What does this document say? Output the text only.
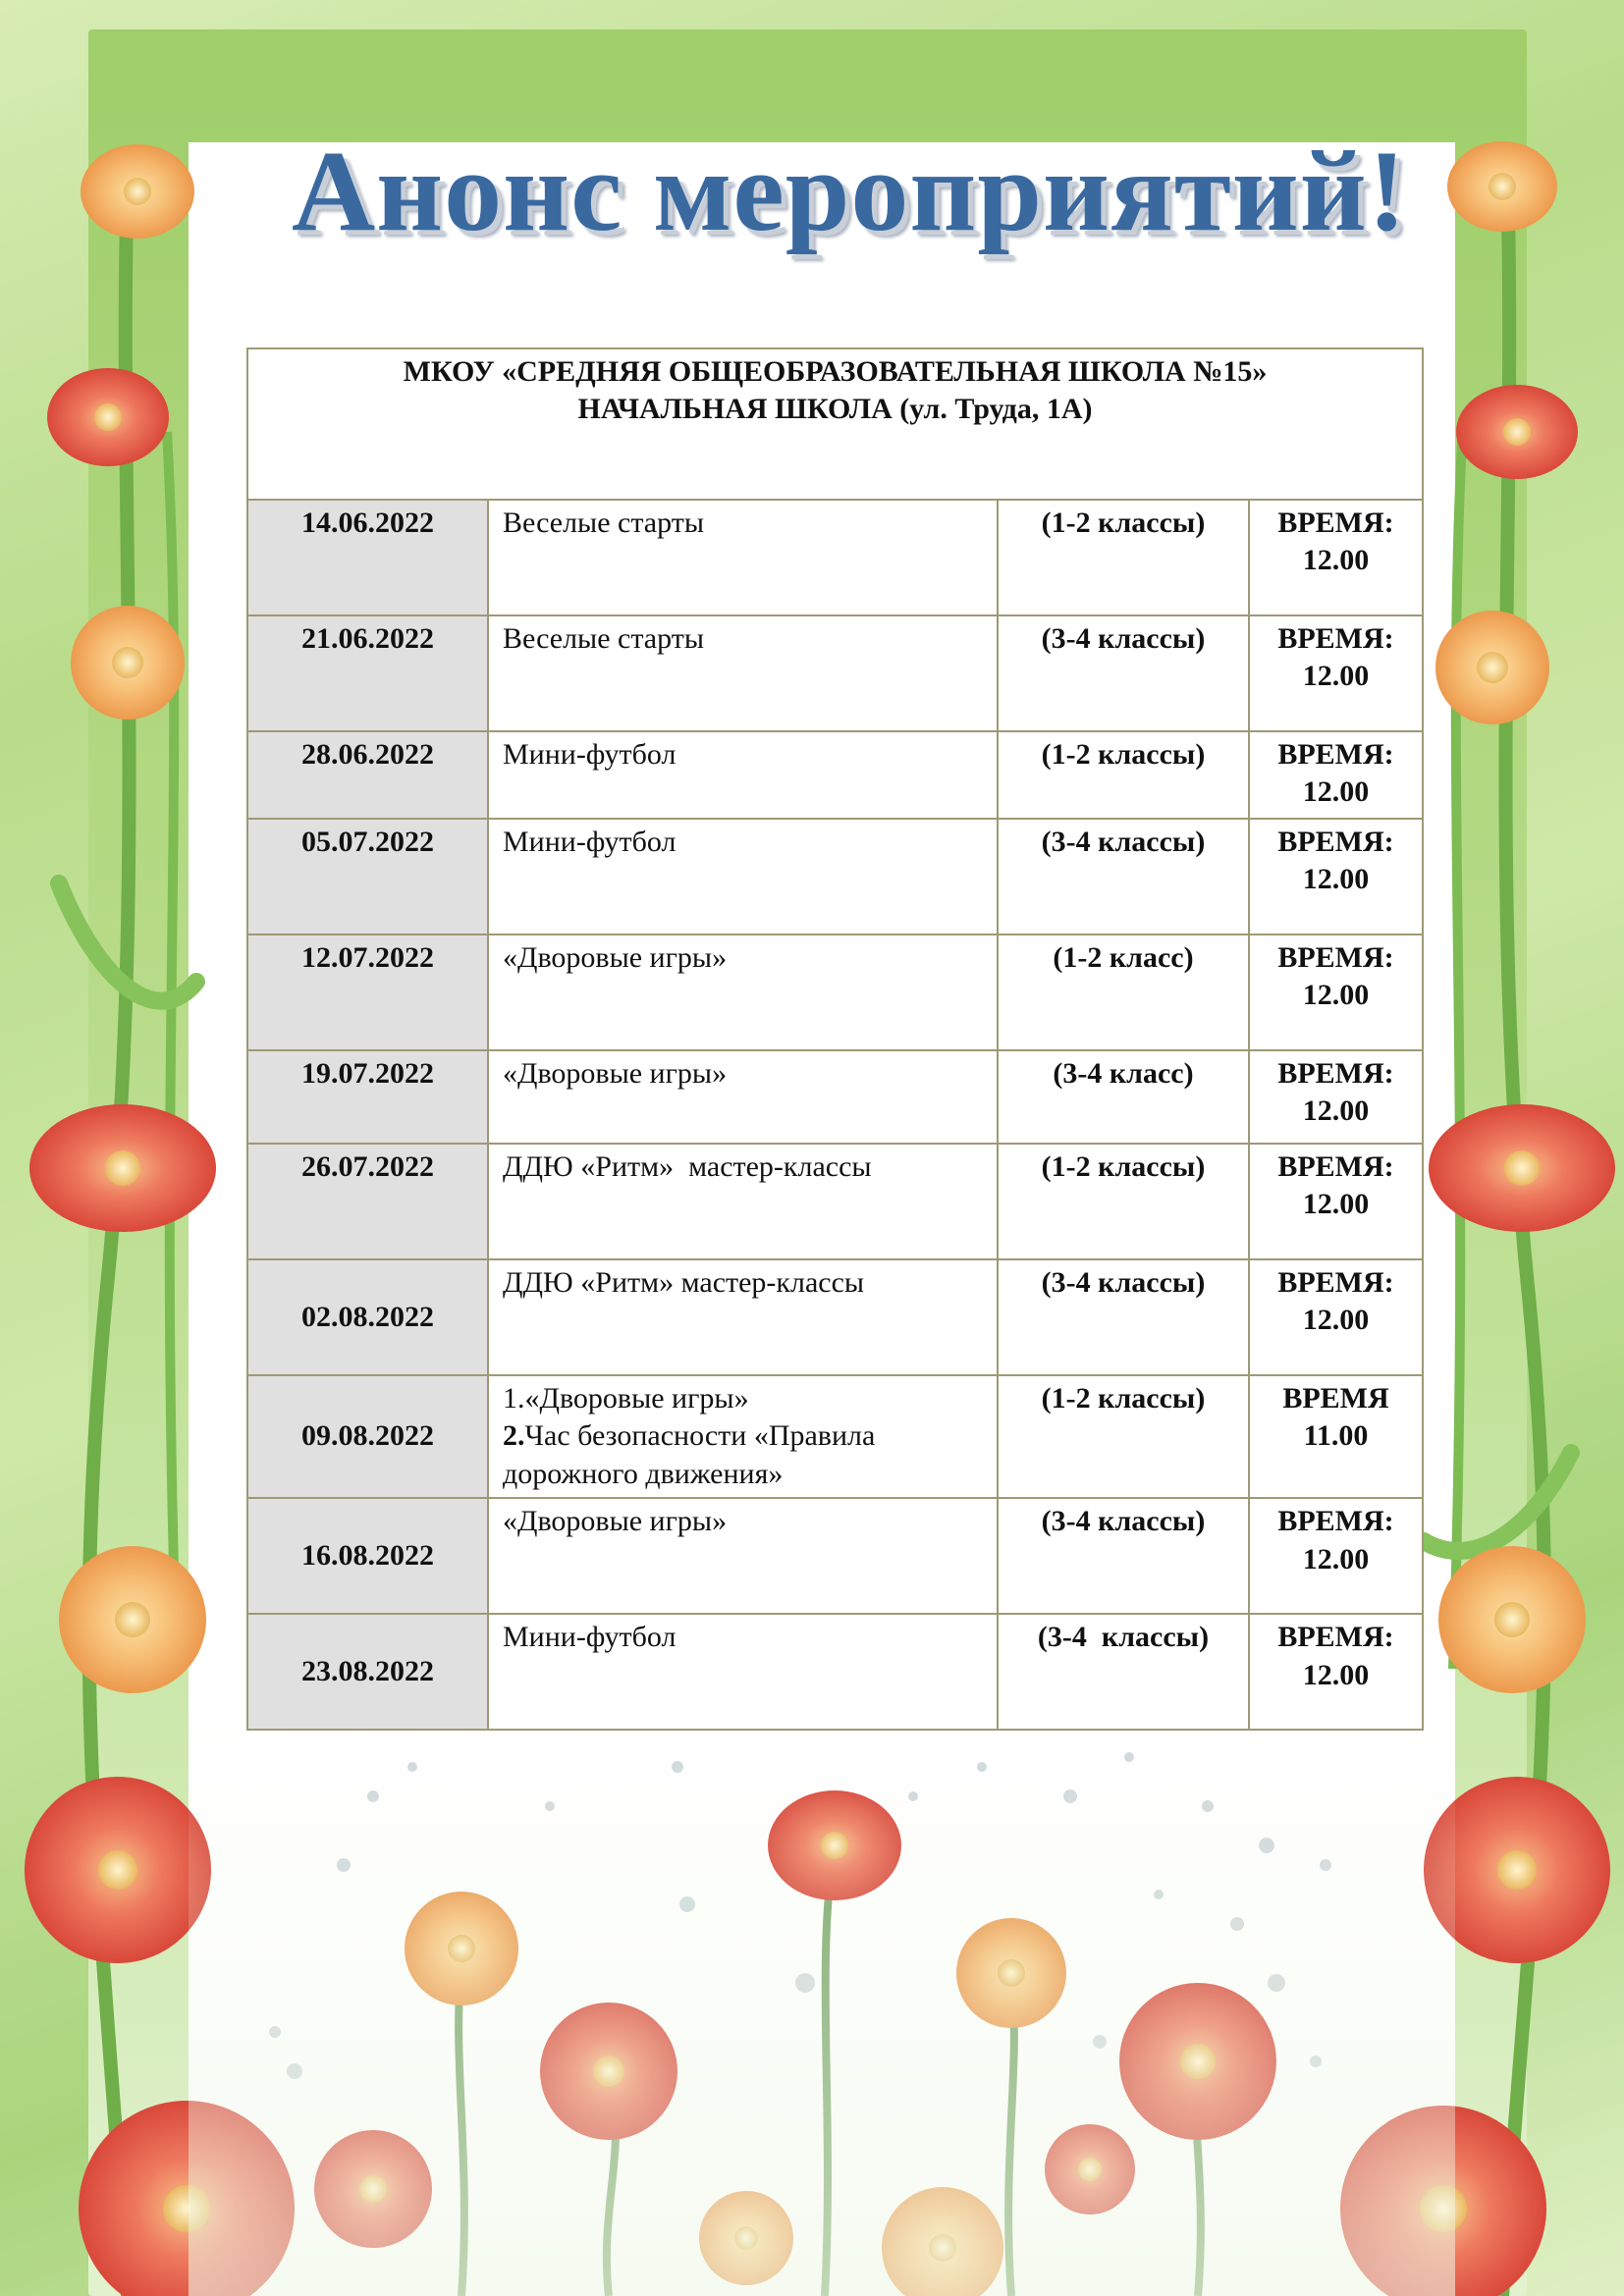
Анонс мероприятий!
МКОУ «СРЕДНЯЯ ОБЩЕОБРАЗОВАТЕЛЬНАЯ ШКОЛА №15»
НАЧАЛЬНАЯ ШКОЛА (ул. Труда, 1А)			

14.06.2022	Веселые старты	(1-2 классы)	ВРЕМЯ:
12.00

21.06.2022	Веселые старты	(3-4 классы)	ВРЕМЯ:
12.00

28.06.2022	Мини-футбол	(1-2 классы)	ВРЕМЯ:
12.00

05.07.2022	Мини-футбол	(3-4 классы)	ВРЕМЯ:
12.00

12.07.2022	«Дворовые игры»	(1-2 класс)	ВРЕМЯ:
12.00

19.07.2022	«Дворовые игры»	(3-4 класс)	ВРЕМЯ:
12.00

26.07.2022	ДДЮ «Ритм»  мастер-классы	(1-2 классы)	ВРЕМЯ:
12.00

02.08.2022	ДДЮ «Ритм» мастер-классы	(3-4 классы)	ВРЕМЯ:
12.00

09.08.2022	1.«Дворовые игры»
2.Час безопасности «Правила
дорожного движения»	(1-2 классы)	ВРЕМЯ
11.00

16.08.2022	«Дворовые игры»	(3-4 классы)	ВРЕМЯ:
12.00

23.08.2022	Мини-футбол	(3-4  классы)	ВРЕМЯ:
12.00
